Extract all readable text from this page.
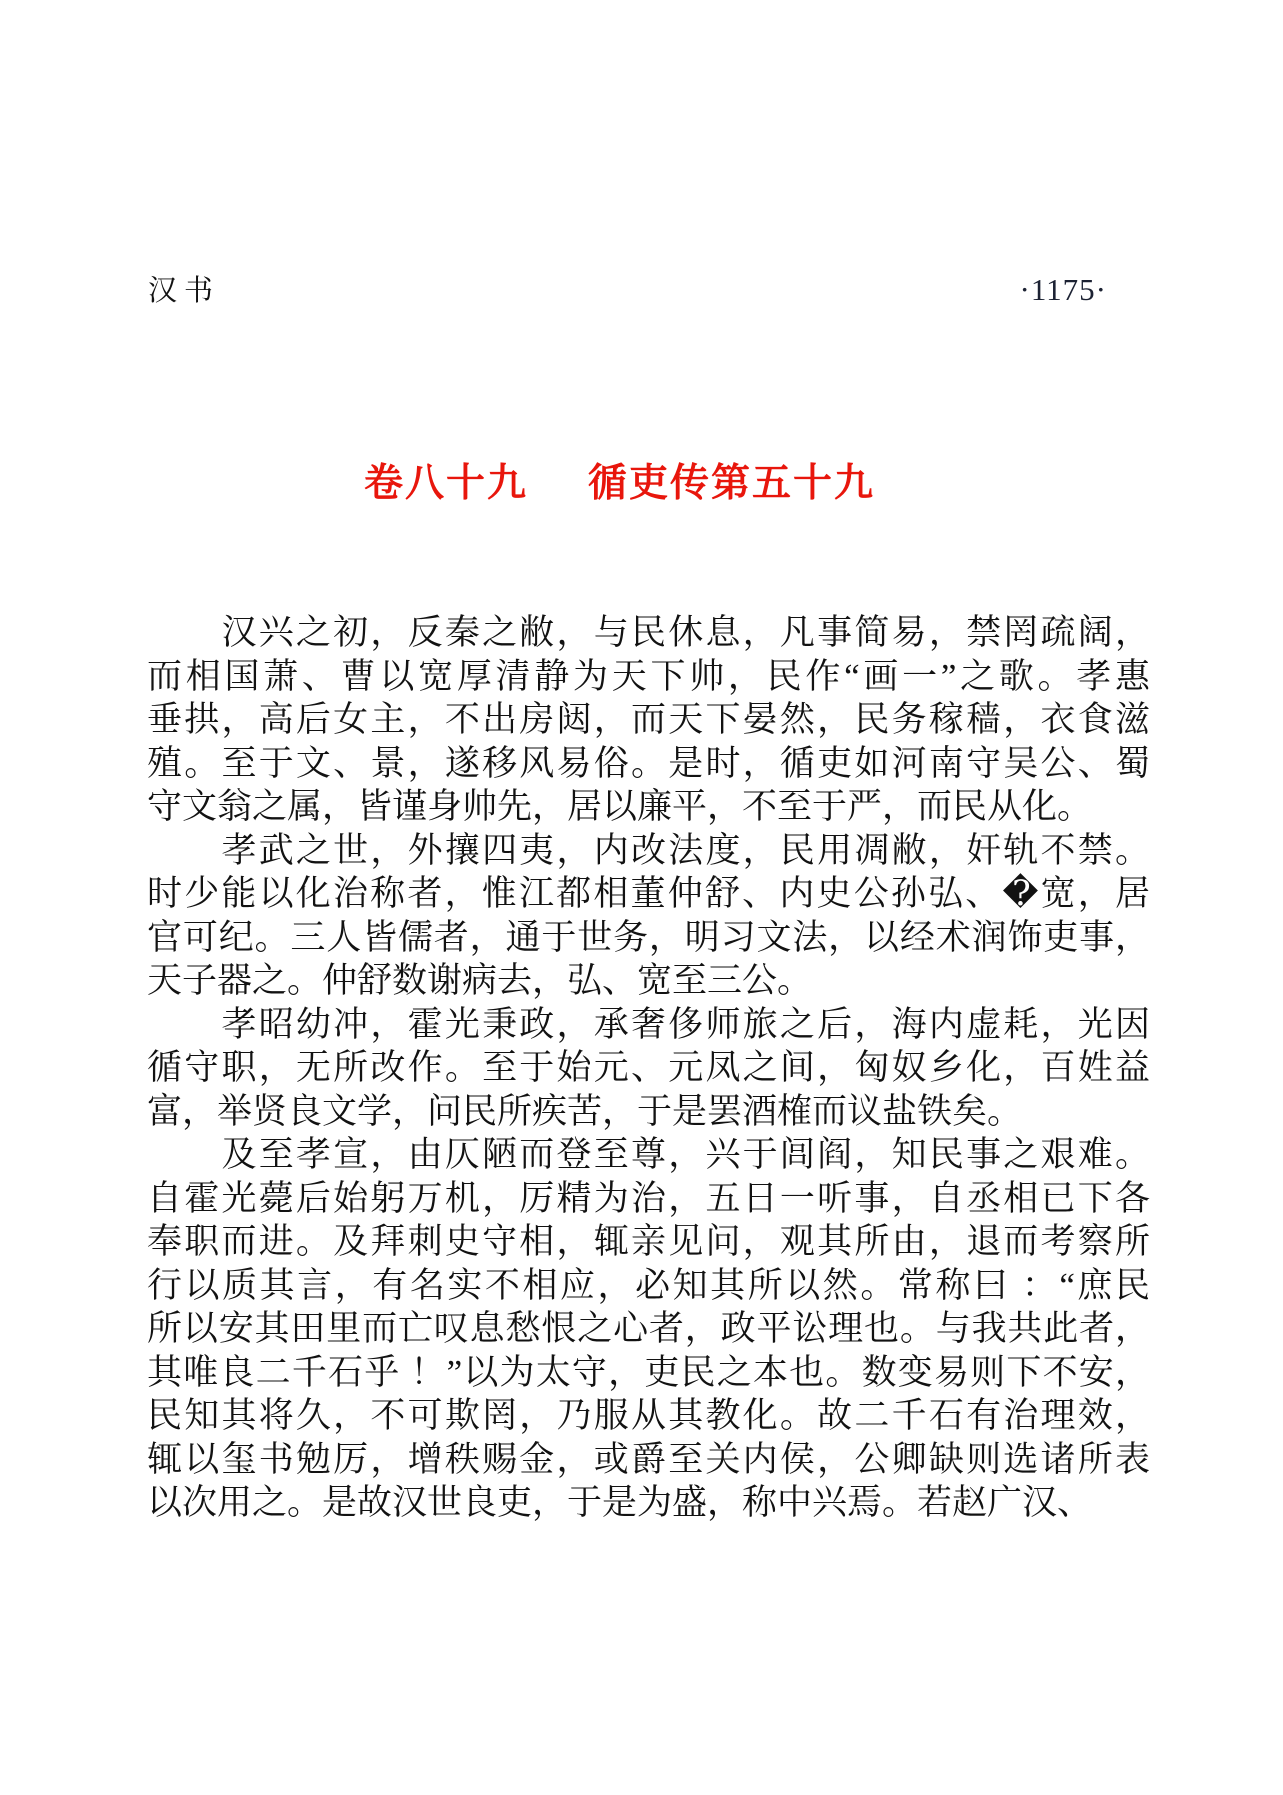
汉书	·1175·
卷八十九 循吏传第五十九
　　汉兴之初，反秦之敝，与民休息，凡事简易，禁罔疏阔，
而相国萧、曹以宽厚清静为天下帅，民作“画一”之歌。孝惠
垂拱，高后女主，不出房闼，而天下晏然，民务稼穑，衣食滋
殖。至于文、景，遂移风易俗。是时，循吏如河南守吴公、蜀
守文翁之属，皆谨身帅先，居以廉平，不至于严，而民从化。
　　孝武之世，外攘四夷，内改法度，民用凋敝，奸轨不禁。
时少能以化治称者，惟江都相董仲舒、内史公孙弘、�宽，居
官可纪。三人皆儒者，通于世务，明习文法，以经术润饰吏事，
天子器之。仲舒数谢病去，弘、宽至三公。
　　孝昭幼冲，霍光秉政，承奢侈师旅之后，海内虚耗，光因
循守职，无所改作。至于始元、元凤之间，匈奴乡化，百姓益
富，举贤良文学，问民所疾苦，于是罢酒榷而议盐铁矣。
　　及至孝宣，由仄陋而登至尊，兴于闾阎，知民事之艰难。
自霍光薨后始躬万机，厉精为治，五日一听事，自丞相已下各
奉职而进。及拜刺史守相，辄亲见问，观其所由，退而考察所
行以质其言，有名实不相应，必知其所以然。常称曰 ：“庶民
所以安其田里而亡叹息愁恨之心者，政平讼理也。与我共此者，
其唯良二千石乎 ！”以为太守，吏民之本也。数变易则下不安，
民知其将久，不可欺罔，乃服从其教化。故二千石有治理效，
辄以玺书勉厉，增秩赐金，或爵至关内侯，公卿缺则选诸所表
以次用之。是故汉世良吏，于是为盛，称中兴焉。若赵广汉、
